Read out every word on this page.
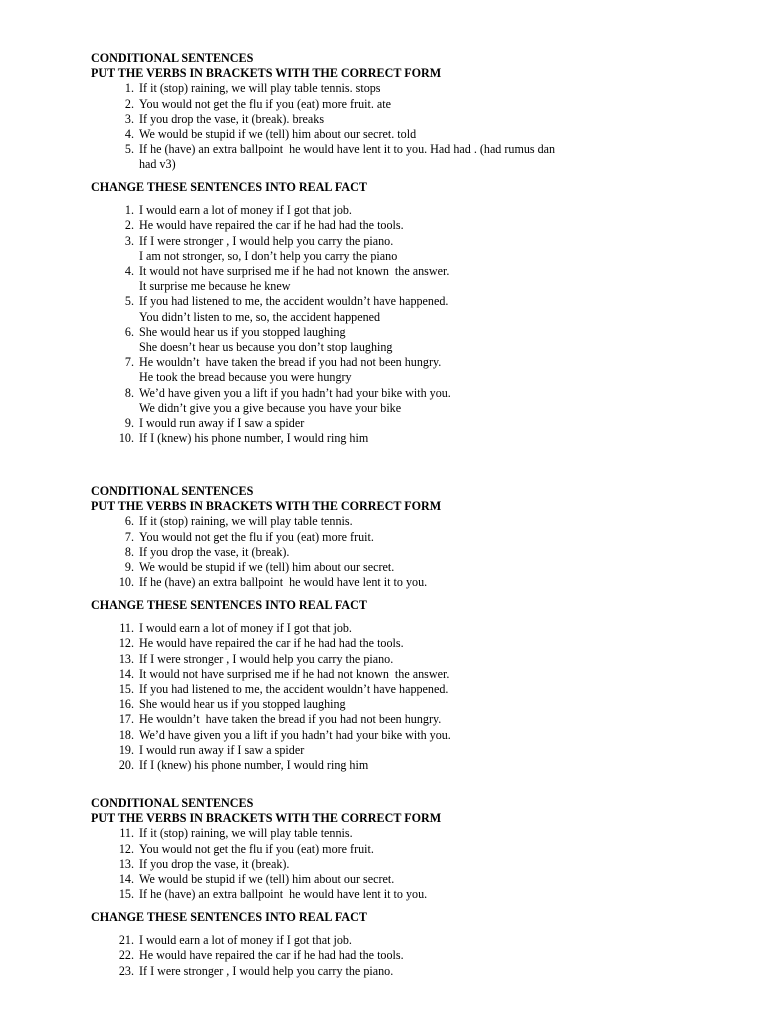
CONDITIONAL SENTENCES
PUT THE VERBS IN BRACKETS WITH THE CORRECT FORM
1. If it (stop) raining, we will play table tennis. stops
2. You would not get the flu if you (eat) more fruit. ate
3. If you drop the vase, it (break). breaks
4. We would be stupid if we (tell) him about our secret. told
5. If he (have) an extra ballpoint  he would have lent it to you. Had had . (had rumus dan
had v3)
CHANGE THESE SENTENCES INTO REAL FACT
1. I would earn a lot of money if I got that job.
2. He would have repaired the car if he had had the tools.
3. If I were stronger , I would help you carry the piano.
I am not stronger, so, I don’t help you carry the piano
4. It would not have surprised me if he had not known  the answer.
It surprise me because he knew
5. If you had listened to me, the accident wouldn’t have happened.
You didn’t listen to me, so, the accident happened
6. She would hear us if you stopped laughing
She doesn’t hear us because you don’t stop laughing
7. He wouldn’t  have taken the bread if you had not been hungry.
He took the bread because you were hungry
8. We’d have given you a lift if you hadn’t had your bike with you.
We didn’t give you a give because you have your bike
9. I would run away if I saw a spider
10. If I (knew) his phone number, I would ring him
CONDITIONAL SENTENCES
PUT THE VERBS IN BRACKETS WITH THE CORRECT FORM
6. If it (stop) raining, we will play table tennis.
7. You would not get the flu if you (eat) more fruit.
8. If you drop the vase, it (break).
9. We would be stupid if we (tell) him about our secret.
10. If he (have) an extra ballpoint  he would have lent it to you.
CHANGE THESE SENTENCES INTO REAL FACT
11. I would earn a lot of money if I got that job.
12. He would have repaired the car if he had had the tools.
13. If I were stronger , I would help you carry the piano.
14. It would not have surprised me if he had not known  the answer.
15. If you had listened to me, the accident wouldn’t have happened.
16. She would hear us if you stopped laughing
17. He wouldn’t  have taken the bread if you had not been hungry.
18. We’d have given you a lift if you hadn’t had your bike with you.
19. I would run away if I saw a spider
20. If I (knew) his phone number, I would ring him
CONDITIONAL SENTENCES
PUT THE VERBS IN BRACKETS WITH THE CORRECT FORM
11. If it (stop) raining, we will play table tennis.
12. You would not get the flu if you (eat) more fruit.
13. If you drop the vase, it (break).
14. We would be stupid if we (tell) him about our secret.
15. If he (have) an extra ballpoint  he would have lent it to you.
CHANGE THESE SENTENCES INTO REAL FACT
21. I would earn a lot of money if I got that job.
22. He would have repaired the car if he had had the tools.
23. If I were stronger , I would help you carry the piano.
